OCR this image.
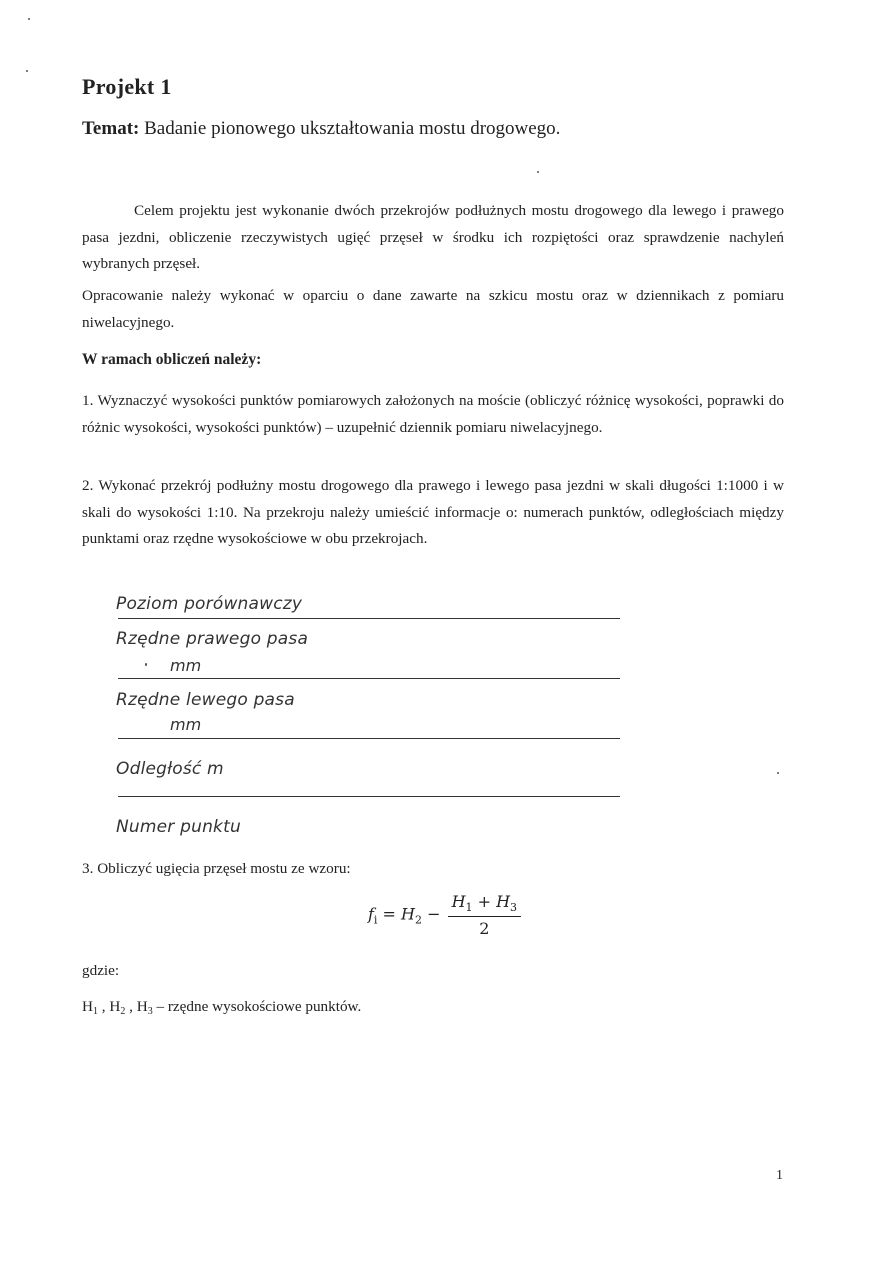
Projekt 1
Temat: Badanie pionowego ukształtowania mostu drogowego.
Celem projektu jest wykonanie dwóch przekrojów podłużnych mostu drogowego dla lewego i prawego pasa jezdni, obliczenie rzeczywistych ugięć przęseł w środku ich rozpiętości oraz sprawdzenie nachyleń wybranych przęseł.
Opracowanie należy wykonać w oparciu o dane zawarte na szkicu mostu oraz w dziennikach z pomiaru niwelacyjnego.
W ramach obliczeń należy:
1. Wyznaczyć wysokości punktów pomiarowych założonych na moście (obliczyć różnicę wysokości, poprawki do różnic wysokości, wysokości punktów) – uzupełnić dziennik pomiaru niwelacyjnego.
2. Wykonać przekrój podłużny mostu drogowego dla prawego i lewego pasa jezdni w skali długości 1:1000 i w skali do wysokości 1:10. Na przekroju należy umieścić informacje o: numerach punktów, odległościach między punktami oraz rzędne wysokościowe w obu przekrojach.
Poziom porównawczy
Rzędne prawego pasa
mm
Rzędne lewego pasa
mm
Odległość m
Numer punktu
3. Obliczyć ugięcia przęseł mostu ze wzoru:
$f_i = H_2 - \frac{H_1 + H_3}{2}$
gdzie:
$H_1$ , $H_2$ , $H_3$ – rzędne wysokościowe punktów.
1
